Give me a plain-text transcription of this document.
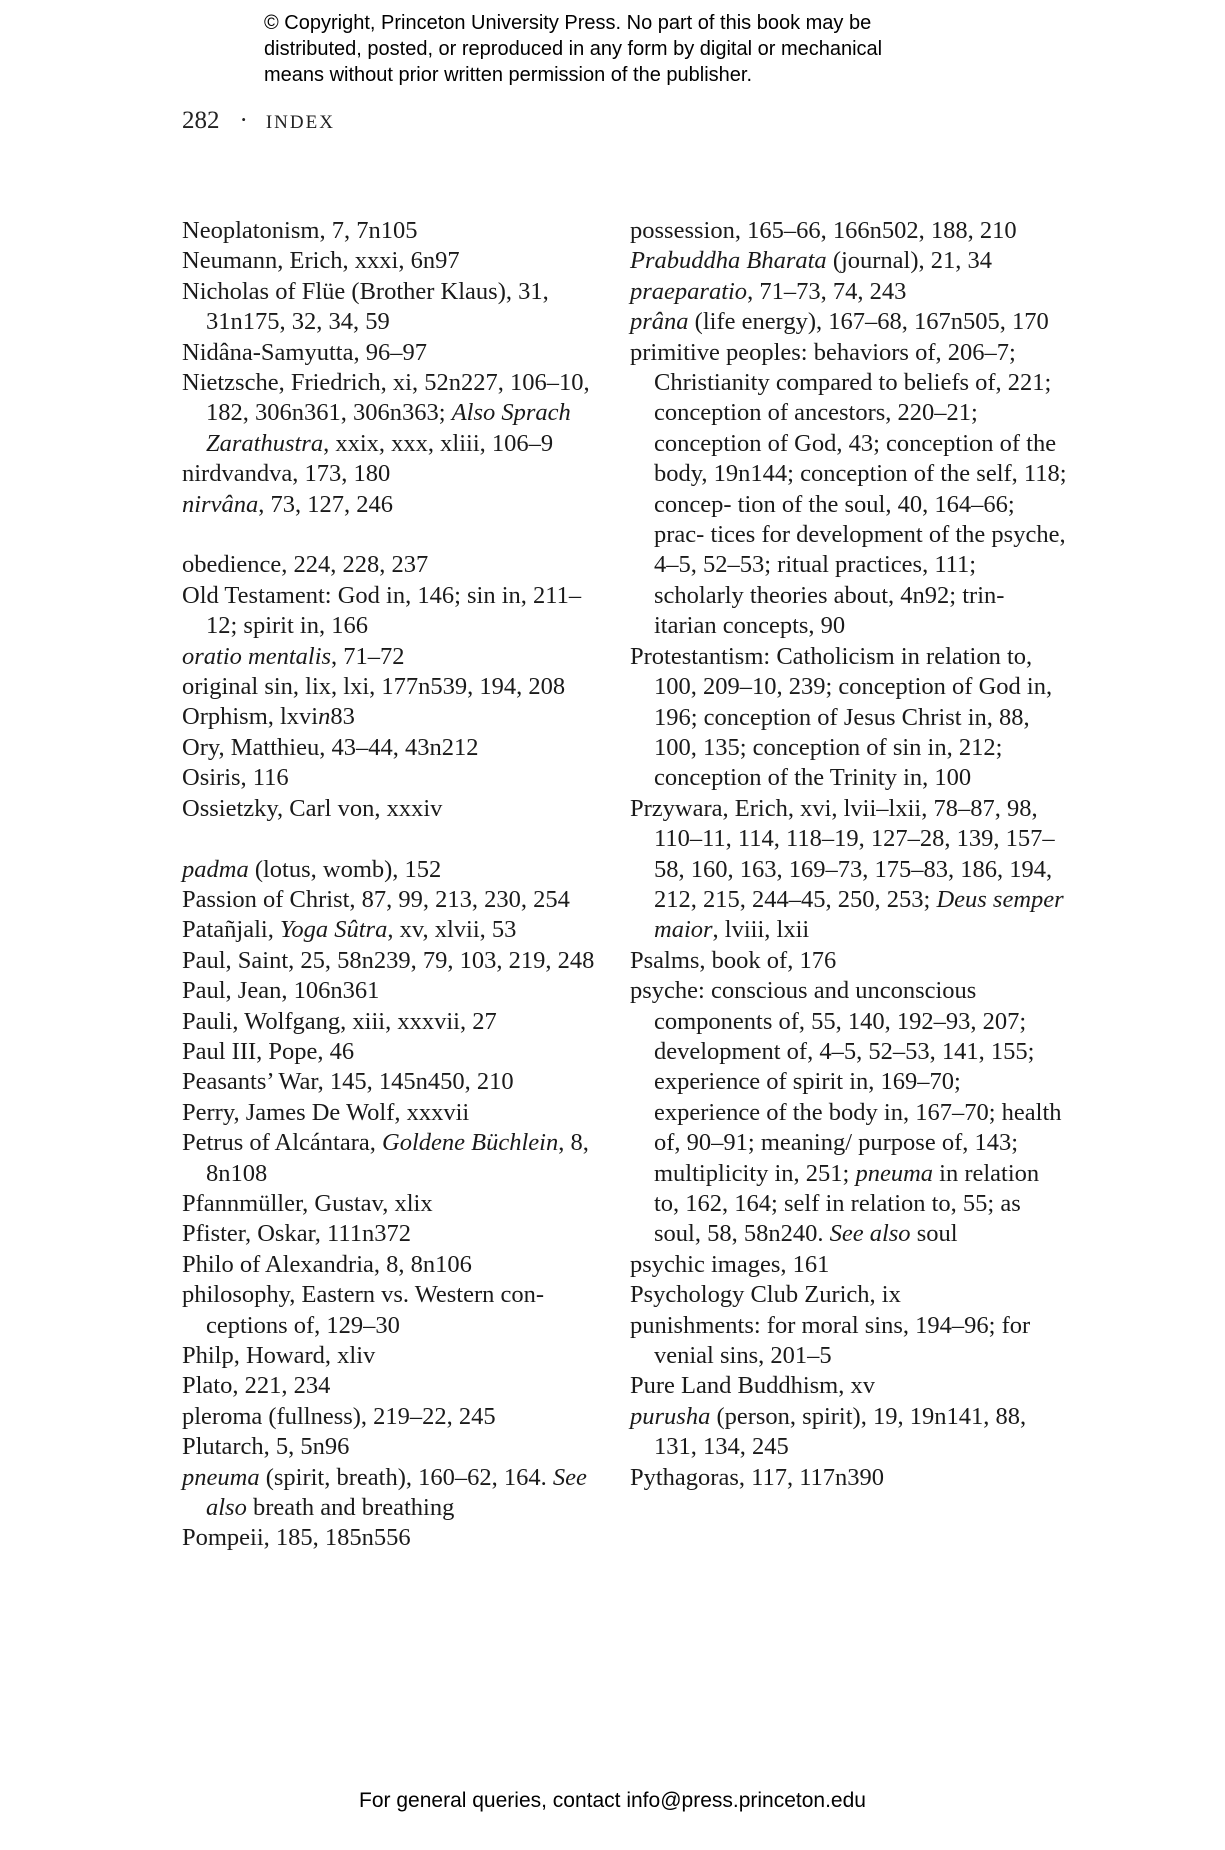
© Copyright, Princeton University Press. No part of this book may be
distributed, posted, or reproduced in any form by digital or mechanical
means without prior written permission of the publisher.
282 · INDEX
Neoplatonism, 7, 7n105
Neumann, Erich, xxxi, 6n97
Nicholas of Flüe (Brother Klaus), 31, 31n175, 32, 34, 59
Nidâna-Samyutta, 96–97
Nietzsche, Friedrich, xi, 52n227, 106–10, 182, 306n361, 306n363; Also Sprach Zarathustra, xxix, xxx, xliii, 106–9
nirdvandva, 173, 180
nirvâna, 73, 127, 246
obedience, 224, 228, 237
Old Testament: God in, 146; sin in, 211–12; spirit in, 166
oratio mentalis, 71–72
original sin, lix, lxi, 177n539, 194, 208
Orphism, lxvin83
Ory, Matthieu, 43–44, 43n212
Osiris, 116
Ossietzky, Carl von, xxxiv
padma (lotus, womb), 152
Passion of Christ, 87, 99, 213, 230, 254
Patañjali, Yoga Sûtra, xv, xlvii, 53
Paul, Saint, 25, 58n239, 79, 103, 219, 248
Paul, Jean, 106n361
Pauli, Wolfgang, xiii, xxxvii, 27
Paul III, Pope, 46
Peasants’ War, 145, 145n450, 210
Perry, James De Wolf, xxxvii
Petrus of Alcántara, Goldene Büchlein, 8, 8n108
Pfannmüller, Gustav, xlix
Pfister, Oskar, 111n372
Philo of Alexandria, 8, 8n106
philosophy, Eastern vs. Western con- ceptions of, 129–30
Philp, Howard, xliv
Plato, 221, 234
pleroma (fullness), 219–22, 245
Plutarch, 5, 5n96
pneuma (spirit, breath), 160–62, 164. See also breath and breathing
Pompeii, 185, 185n556
possession, 165–66, 166n502, 188, 210
Prabuddha Bharata (journal), 21, 34
praeparatio, 71–73, 74, 243
prâna (life energy), 167–68, 167n505, 170
primitive peoples: behaviors of, 206–7; Christianity compared to beliefs of, 221; conception of ancestors, 220–21; conception of God, 43; conception of the body, 19n144; conception of the self, 118; concep- tion of the soul, 40, 164–66; prac- tices for development of the psyche, 4–5, 52–53; ritual practices, 111; scholarly theories about, 4n92; trin- itarian concepts, 90
Protestantism: Catholicism in relation to, 100, 209–10, 239; conception of God in, 196; conception of Jesus Christ in, 88, 100, 135; conception of sin in, 212; conception of the Trinity in, 100
Przywara, Erich, xvi, lvii–lxii, 78–87, 98, 110–11, 114, 118–19, 127–28, 139, 157–58, 160, 163, 169–73, 175–83, 186, 194, 212, 215, 244–45, 250, 253; Deus semper maior, lviii, lxii
Psalms, book of, 176
psyche: conscious and unconscious components of, 55, 140, 192–93, 207; development of, 4–5, 52–53, 141, 155; experience of spirit in, 169–70; experience of the body in, 167–70; health of, 90–91; meaning/ purpose of, 143; multiplicity in, 251; pneuma in relation to, 162, 164; self in relation to, 55; as soul, 58, 58n240. See also soul
psychic images, 161
Psychology Club Zurich, ix
punishments: for moral sins, 194–96; for venial sins, 201–5
Pure Land Buddhism, xv
purusha (person, spirit), 19, 19n141, 88, 131, 134, 245
Pythagoras, 117, 117n390
For general queries, contact info@press.princeton.edu
